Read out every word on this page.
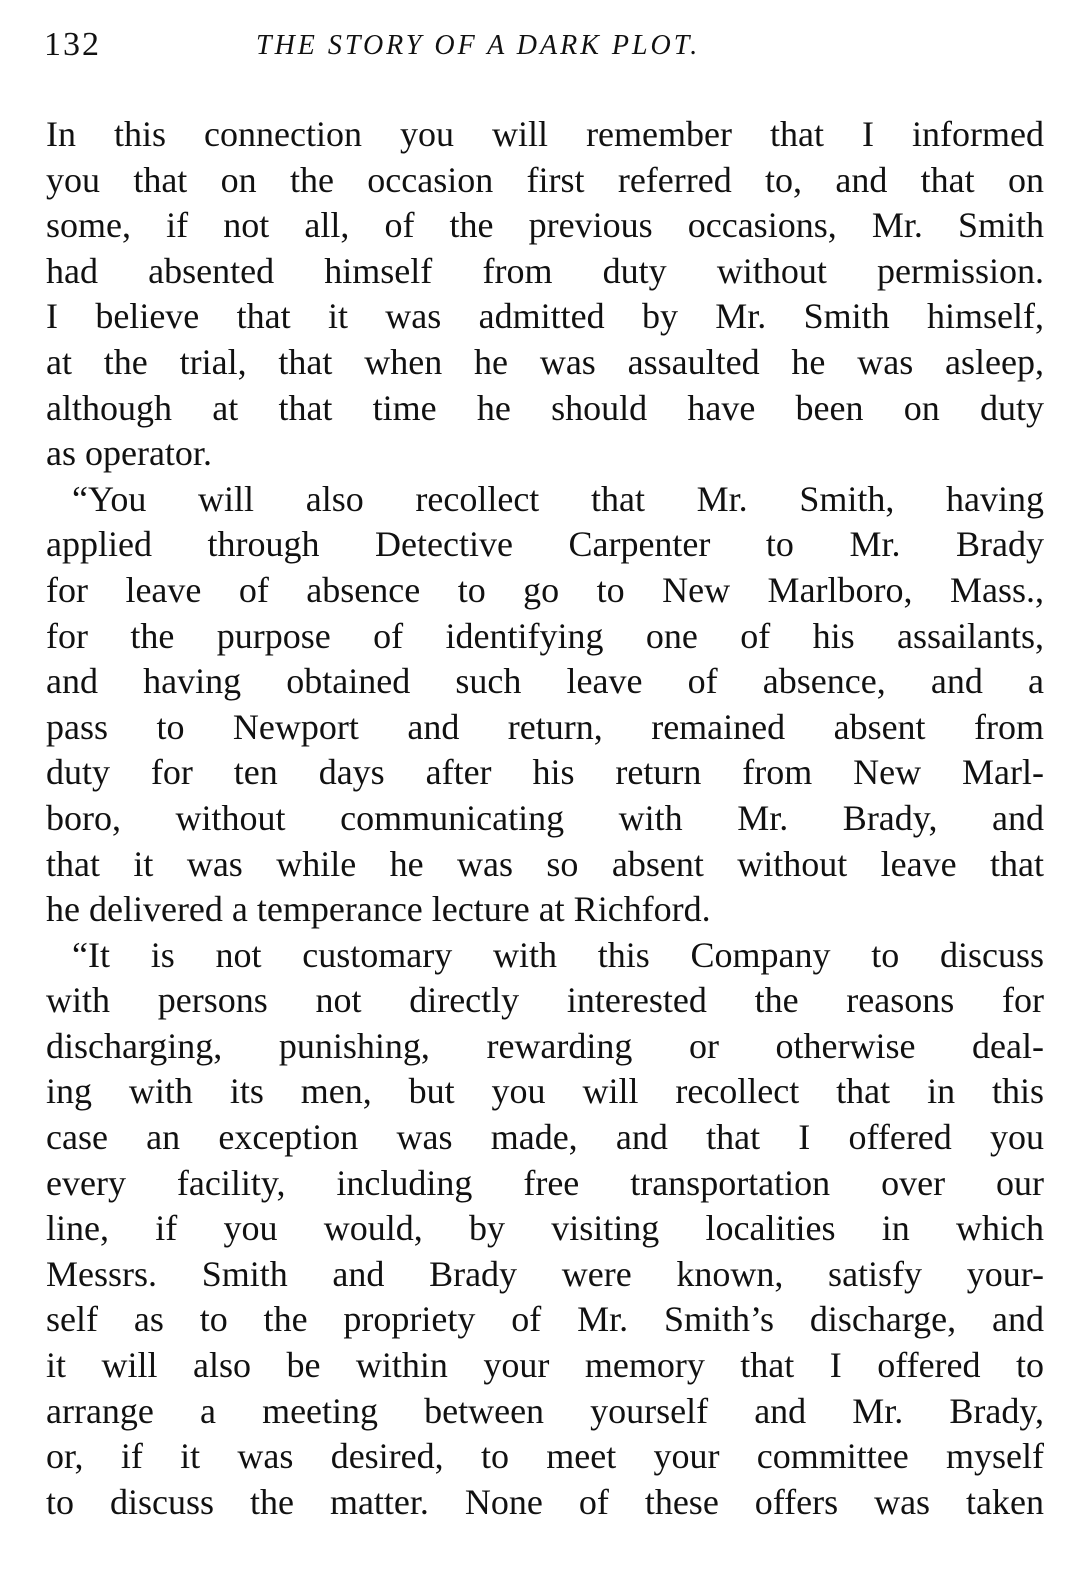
132	THE STORY OF A DARK PLOT.
In this connection you will remember that I informed
you that on the occasion first referred to, and that on
some, if not all, of the previous occasions, Mr. Smith
had absented himself from duty without permission.
I believe that it was admitted by Mr. Smith himself,
at the trial, that when he was assaulted he was asleep,
although at that time he should have been on duty
as operator.
“You will also recollect that Mr. Smith, having
applied through Detective Carpenter to Mr. Brady
for leave of absence to go to New Marlboro, Mass.,
for the purpose of identifying one of his assailants,
and having obtained such leave of absence, and a
pass to Newport and return, remained absent from
duty for ten days after his return from New Marl-
boro, without communicating with Mr. Brady, and
that it was while he was so absent without leave that
he delivered a temperance lecture at Richford.
“It is not customary with this Company to discuss
with persons not directly interested the reasons for
discharging, punishing, rewarding or otherwise deal-
ing with its men, but you will recollect that in this
case an exception was made, and that I offered you
every facility, including free transportation over our
line, if you would, by visiting localities in which
Messrs. Smith and Brady were known, satisfy your-
self as to the propriety of Mr. Smith’s discharge, and
it will also be within your memory that I offered to
arrange a meeting between yourself and Mr. Brady,
or, if it was desired, to meet your committee myself
to discuss the matter. None of these offers was taken
